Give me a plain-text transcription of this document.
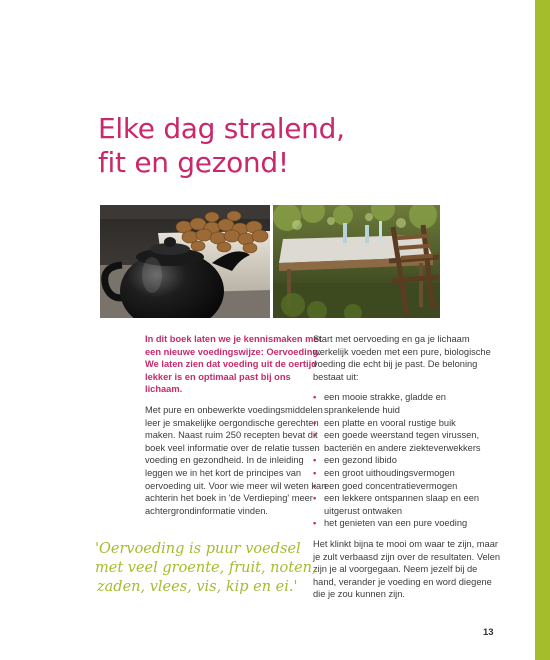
Elke dag stralend,
fit en gezond!

In dit boek laten we je kennismaken met een nieuwe voedingswijze: Oervoeding. We laten zien dat voeding uit de oertijd lekker is en optimaal past bij ons lichaam.

Met pure en onbewerkte voedingsmiddelen leer je smakelijke oergondische gerechten maken. Naast ruim 250 recepten bevat dit boek veel informatie over de relatie tussen voeding en gezondheid. In de inleiding leggen we in het kort de principes van oervoeding uit. Voor wie meer wil weten kan achterin het boek in 'de Verdieping' meer achtergrondinformatie vinden.

Start met oervoeding en ga je lichaam werkelijk voeden met een pure, biologische voeding die echt bij je past. De beloning bestaat uit:

• een mooie strakke, gladde en sprankelende huid
• een platte en vooral rustige buik
• een goede weerstand tegen virussen, bacteriën en andere ziekteverwekkers
• een gezond libido
• een groot uithoudingsvermogen
• een goed concentratievermogen
• een lekkere ontspannen slaap en een uitgerust ontwaken
• het genieten van een pure voeding

Het klinkt bijna te mooi om waar te zijn, maar je zult verbaasd zijn over de resultaten. Velen zijn je al voorgegaan. Neem jezelf bij de hand, verander je voeding en word diegene die je zou kunnen zijn.

'Oervoeding is puur voedsel
met veel groente, fruit, noten,
zaden, vlees, vis, kip en ei.'

13
